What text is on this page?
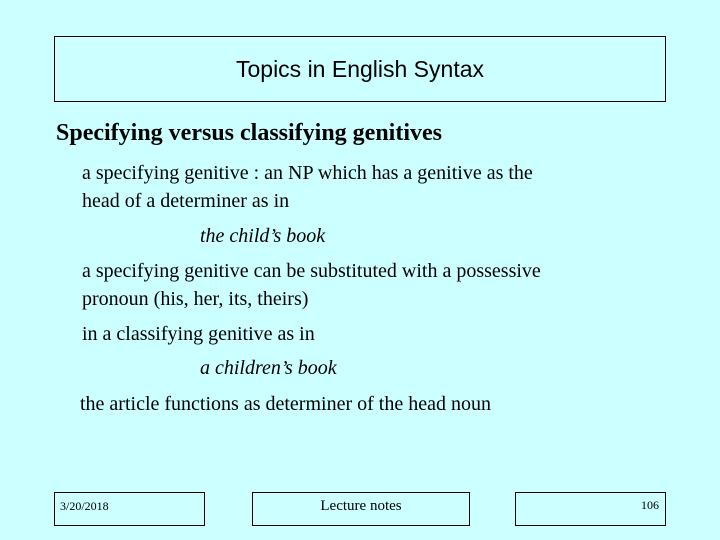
Topics in English Syntax
Specifying versus classifying genitives
a specifying genitive : an NP which has a genitive as the
head of a determiner as in
the child’s book
a specifying genitive can be substituted with a possessive
pronoun (his, her, its, theirs)
in a classifying genitive as in
a children’s book
the article functions as determiner of the head noun
3/20/2018	Lecture notes	106
